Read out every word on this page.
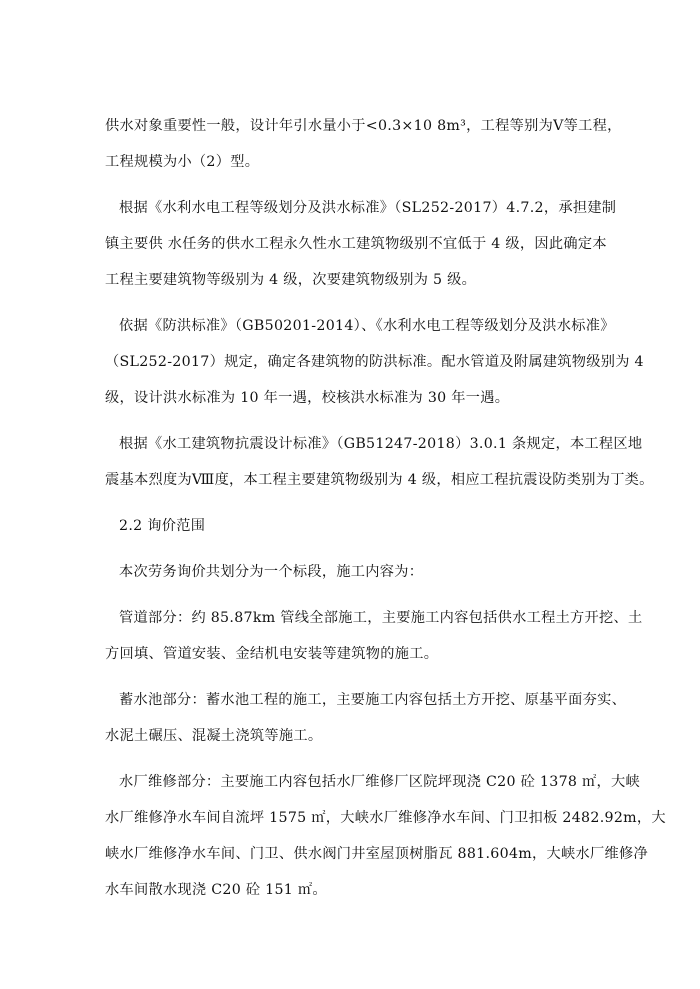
供水对象重要性一般，设计年引水量小于<0.3×10 8m³，工程等别为Ⅴ等工程，
工程规模为小（2）型。

根据《水利水电工程等级划分及洪水标准》（SL252-2017）4.7.2，承担建制
镇主要供 水任务的供水工程永久性水工建筑物级别不宜低于 4 级，因此确定本
工程主要建筑物等级别为 4 级，次要建筑物级别为 5 级。

依据《防洪标准》（GB50201-2014）、《水利水电工程等级划分及洪水标准》
（SL252-2017）规定，确定各建筑物的防洪标准。配水管道及附属建筑物级别为 4
级，设计洪水标准为 10 年一遇，校核洪水标准为 30 年一遇。

根据《水工建筑物抗震设计标准》（GB51247-2018）3.0.1 条规定，本工程区地
震基本烈度为Ⅷ度，本工程主要建筑物级别为 4 级，相应工程抗震设防类别为丁类。

2.2 询价范围

本次劳务询价共划分为一个标段，施工内容为：

管道部分：约 85.87km 管线全部施工，主要施工内容包括供水工程土方开挖、土
方回填、管道安装、金结机电安装等建筑物的施工。

蓄水池部分：蓄水池工程的施工，主要施工内容包括土方开挖、原基平面夯实、
水泥土碾压、混凝土浇筑等施工。

水厂维修部分：主要施工内容包括水厂维修厂区院坪现浇 C20 砼 1378 ㎡，大峡
水厂维修净水车间自流坪 1575 ㎡，大峡水厂维修净水车间、门卫扣板 2482.92m，大
峡水厂维修净水车间、门卫、供水阀门井室屋顶树脂瓦 881.604m，大峡水厂维修净
水车间散水现浇 C20 砼 151 ㎡。
